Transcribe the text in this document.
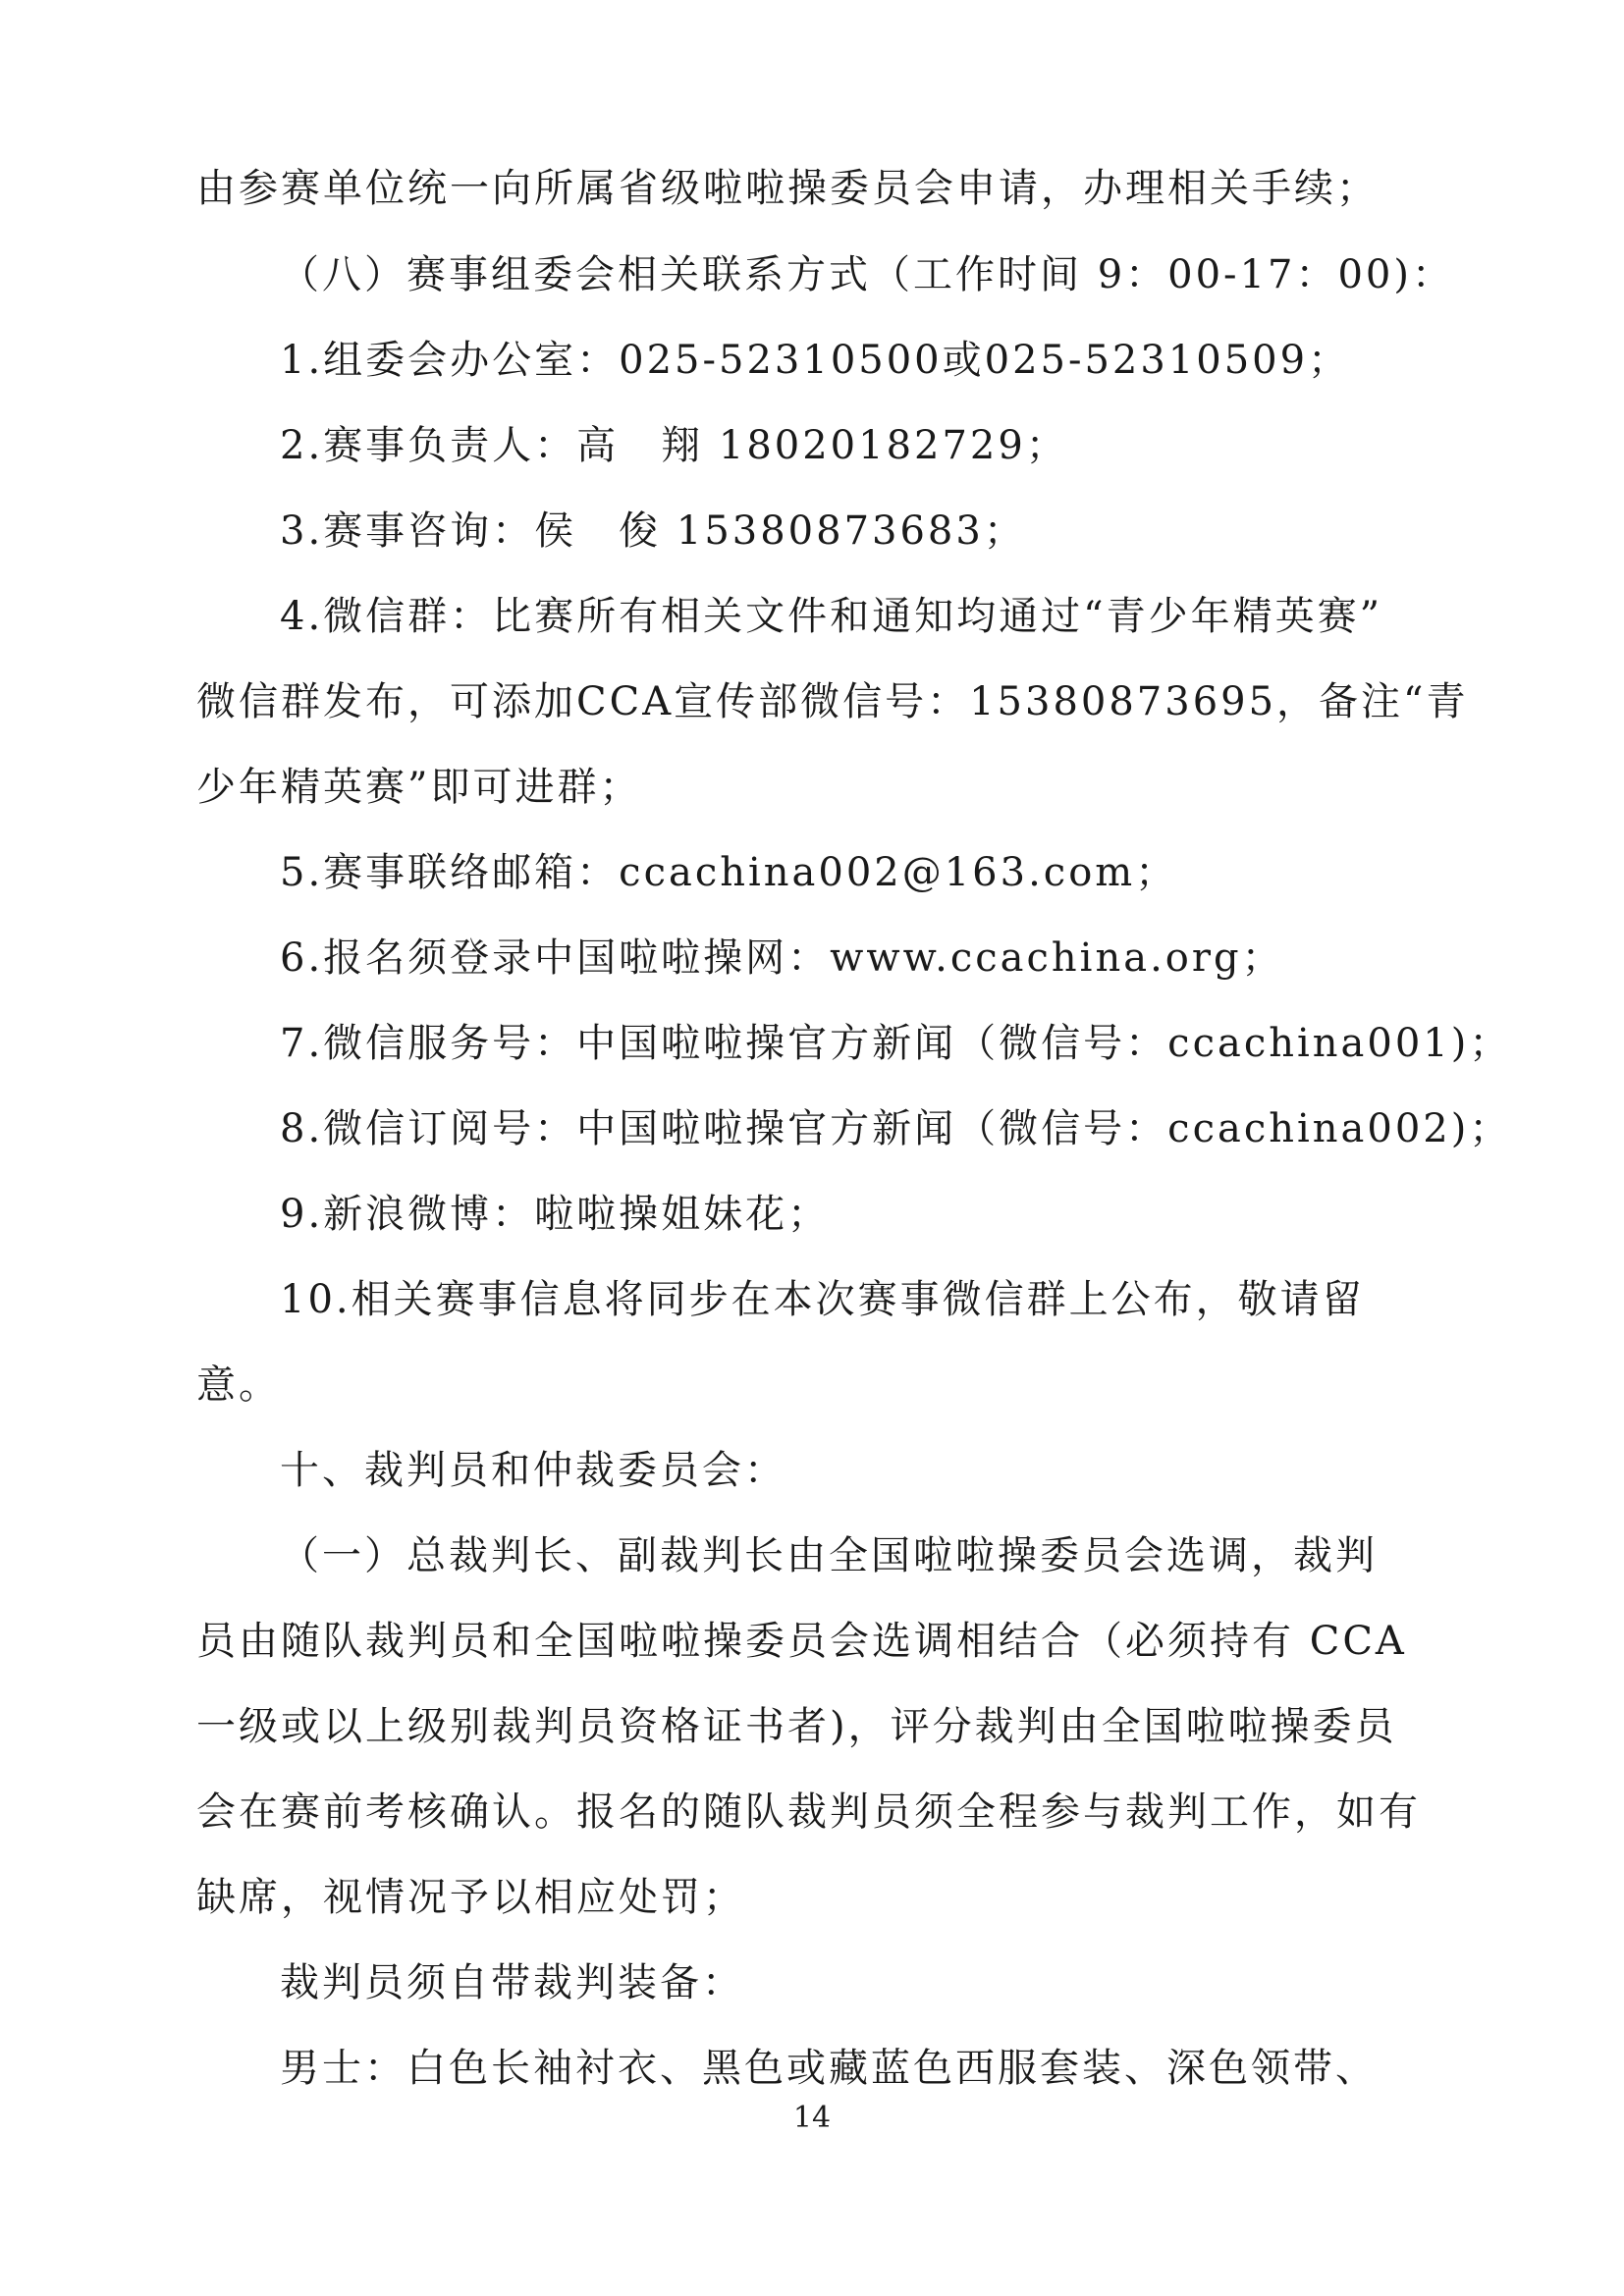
由参赛单位统一向所属省级啦啦操委员会申请，办理相关手续；
（八）赛事组委会相关联系方式（工作时间 9：00-17：00)：
1.组委会办公室：025-52310500或025-52310509；
2.赛事负责人：高　翔 18020182729；
3.赛事咨询：侯　俊 15380873683；
4.微信群：比赛所有相关文件和通知均通过“青少年精英赛”
微信群发布，可添加CCA宣传部微信号：15380873695，备注“青
少年精英赛”即可进群；
5.赛事联络邮箱：ccachina002@163.com；
6.报名须登录中国啦啦操网：www.ccachina.org；
7.微信服务号：中国啦啦操官方新闻（微信号：ccachina001)；
8.微信订阅号：中国啦啦操官方新闻（微信号：ccachina002)；
9.新浪微博：啦啦操姐妹花；
10.相关赛事信息将同步在本次赛事微信群上公布，敬请留
意。
十、裁判员和仲裁委员会：
（一）总裁判长、副裁判长由全国啦啦操委员会选调，裁判
员由随队裁判员和全国啦啦操委员会选调相结合（必须持有 CCA
一级或以上级别裁判员资格证书者)，评分裁判由全国啦啦操委员
会在赛前考核确认。报名的随队裁判员须全程参与裁判工作，如有
缺席，视情况予以相应处罚；
裁判员须自带裁判装备：
男士：白色长袖衬衣、黑色或藏蓝色西服套装、深色领带、
14
